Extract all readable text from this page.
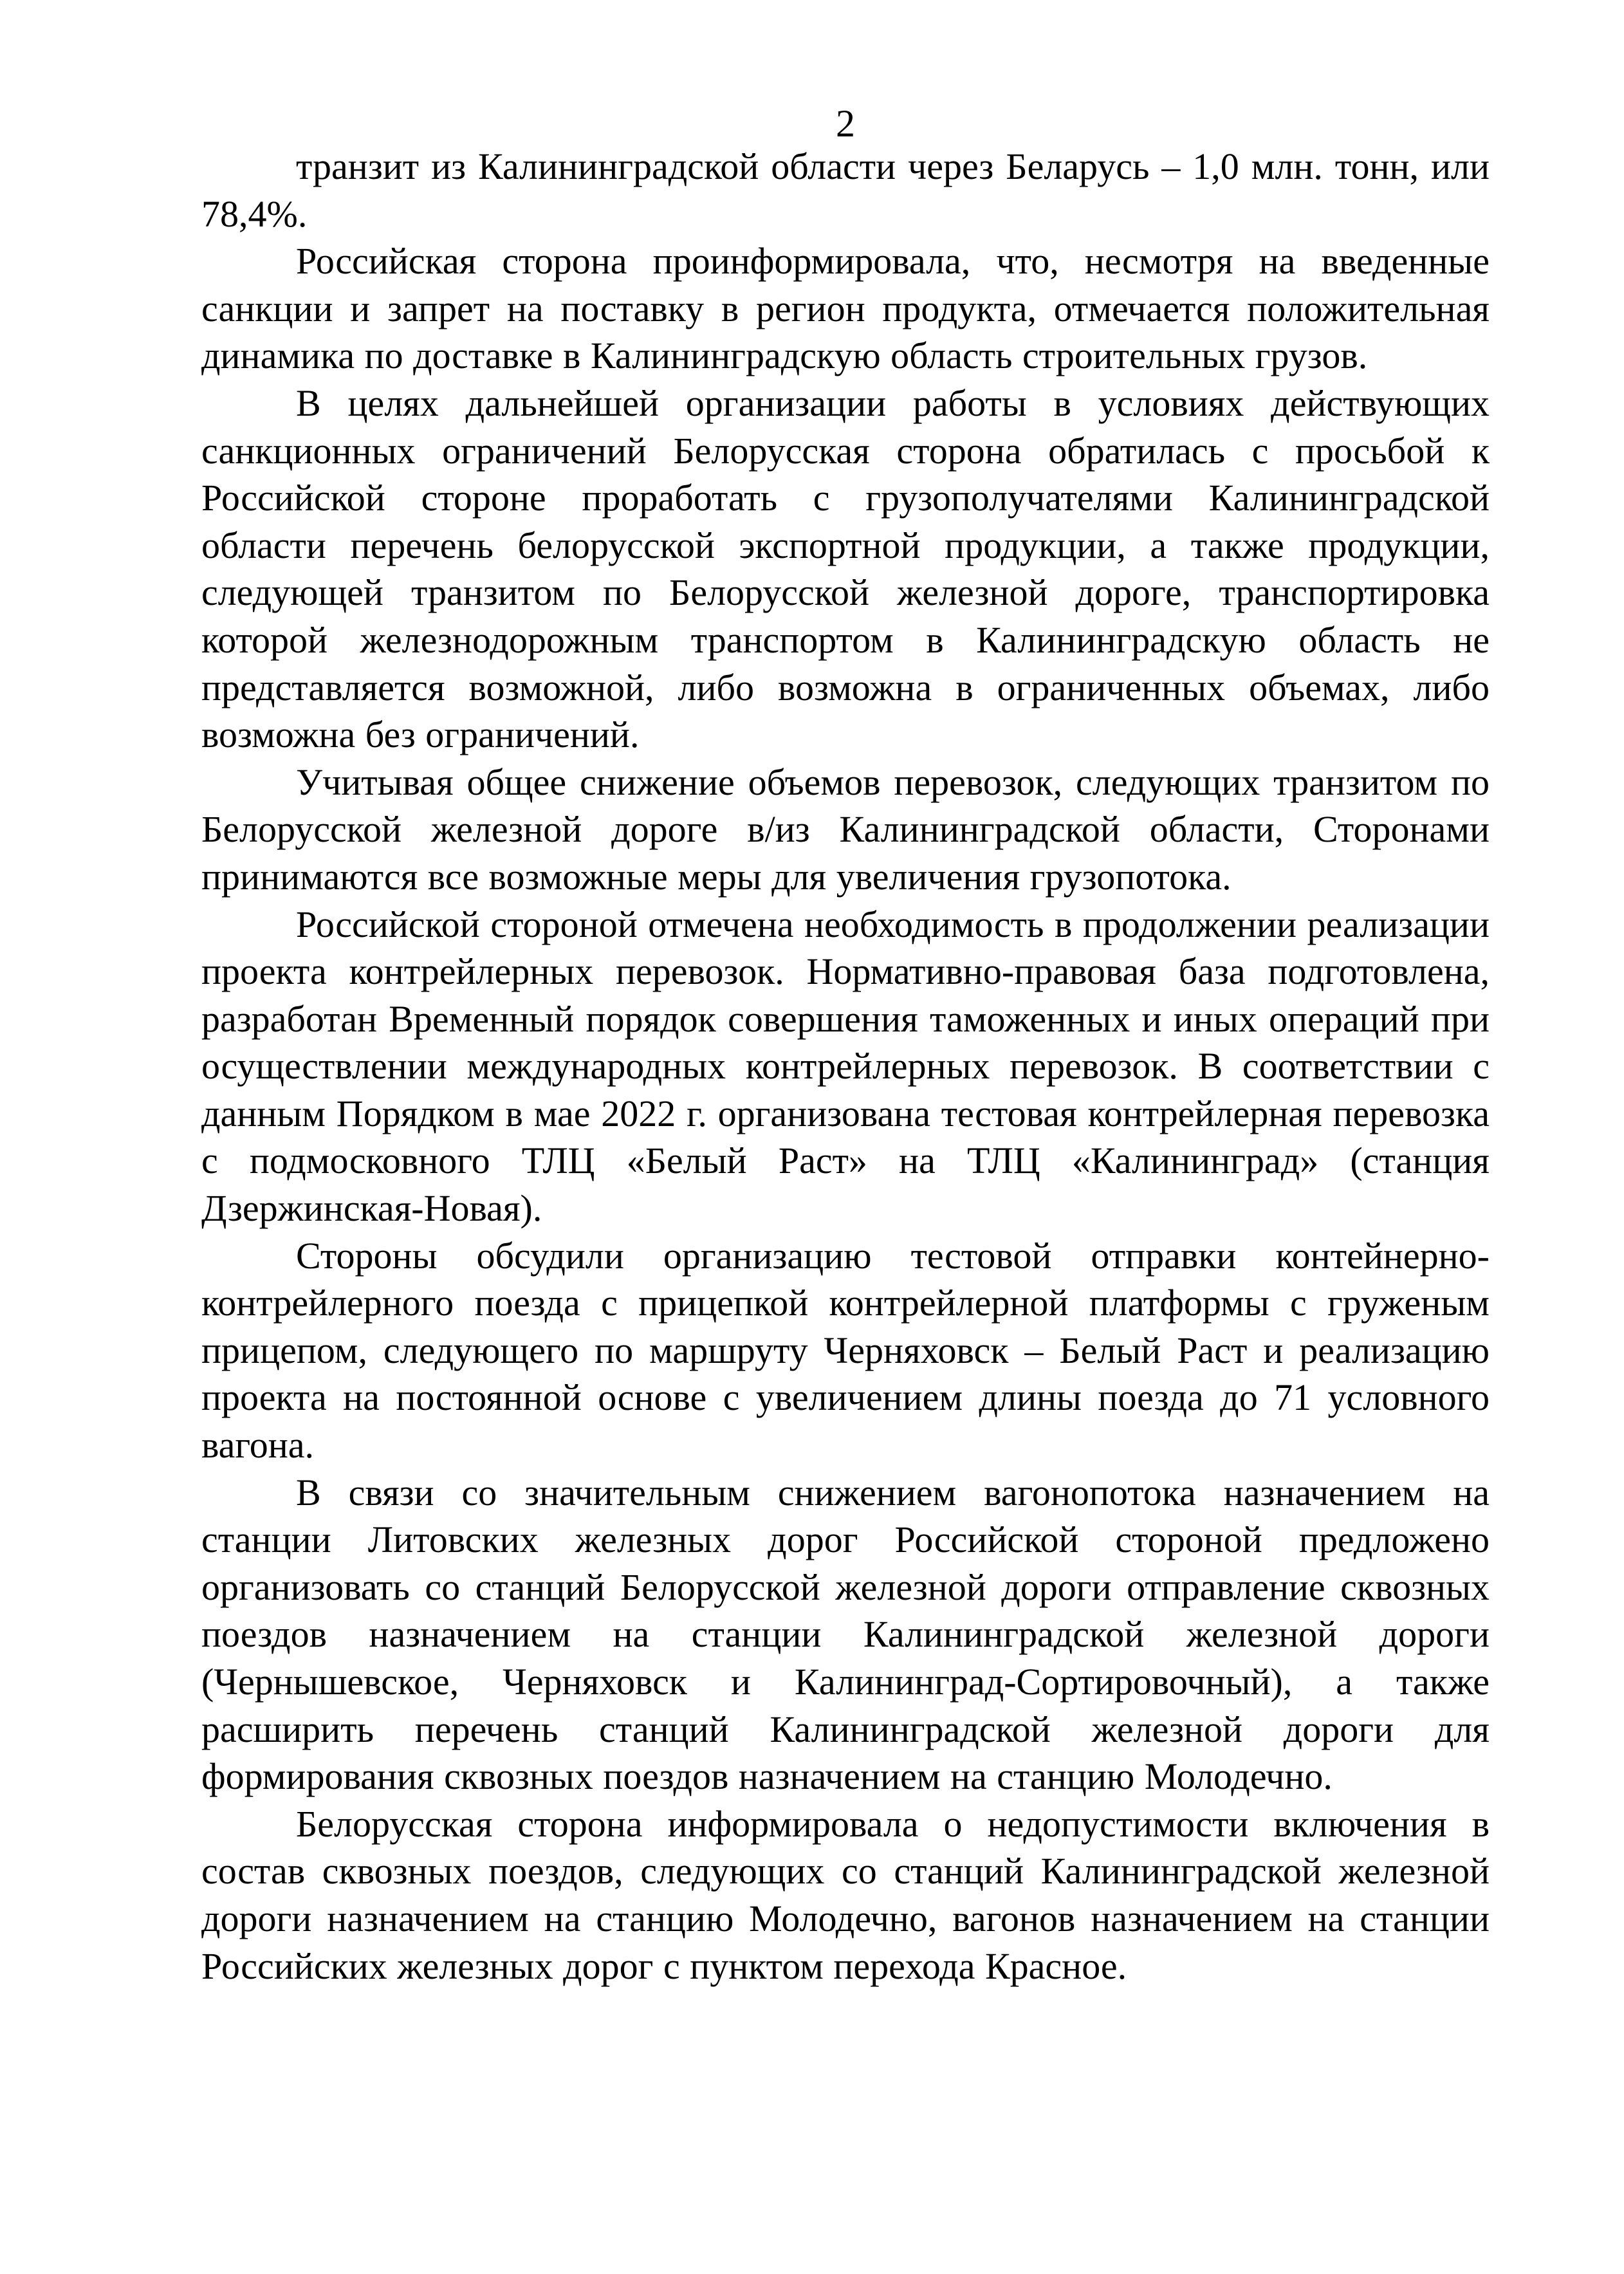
2

транзит из Калининградской области через Беларусь – 1,0 млн. тонн, или 78,4%.

Российская сторона проинформировала, что, несмотря на введенные санкции и запрет на поставку в регион продукта, отмечается положительная динамика по доставке в Калининградскую область строительных грузов.

В целях дальнейшей организации работы в условиях действующих санкционных ограничений Белорусская сторона обратилась с просьбой к Российской стороне проработать с грузополучателями Калининградской области перечень белорусской экспортной продукции, а также продукции, следующей транзитом по Белорусской железной дороге, транспортировка которой железнодорожным транспортом в Калининградскую область не представляется возможной, либо возможна в ограниченных объемах, либо возможна без ограничений.

Учитывая общее снижение объемов перевозок, следующих транзитом по Белорусской железной дороге в/из Калининградской области, Сторонами принимаются все возможные меры для увеличения грузопотока.

Российской стороной отмечена необходимость в продолжении реализации проекта контрейлерных перевозок. Нормативно-правовая база подготовлена, разработан Временный порядок совершения таможенных и иных операций при осуществлении международных контрейлерных перевозок. В соответствии с данным Порядком в мае 2022 г. организована тестовая контрейлерная перевозка с подмосковного ТЛЦ «Белый Раст» на ТЛЦ «Калининград» (станция Дзержинская-Новая).

Стороны обсудили организацию тестовой отправки контейнерно-контрейлерного поезда с прицепкой контрейлерной платформы с груженым прицепом, следующего по маршруту Черняховск – Белый Раст и реализацию проекта на постоянной основе с увеличением длины поезда до 71 условного вагона.

В связи со значительным снижением вагонопотока назначением на станции Литовских железных дорог Российской стороной предложено организовать со станций Белорусской железной дороги отправление сквозных поездов назначением на станции Калининградской железной дороги (Чернышевское, Черняховск и Калининград-Сортировочный), а также расширить перечень станций Калининградской железной дороги для формирования сквозных поездов назначением на станцию Молодечно.

Белорусская сторона информировала о недопустимости включения в состав сквозных поездов, следующих со станций Калининградской железной дороги назначением на станцию Молодечно, вагонов назначением на станции Российских железных дорог с пунктом перехода Красное.
